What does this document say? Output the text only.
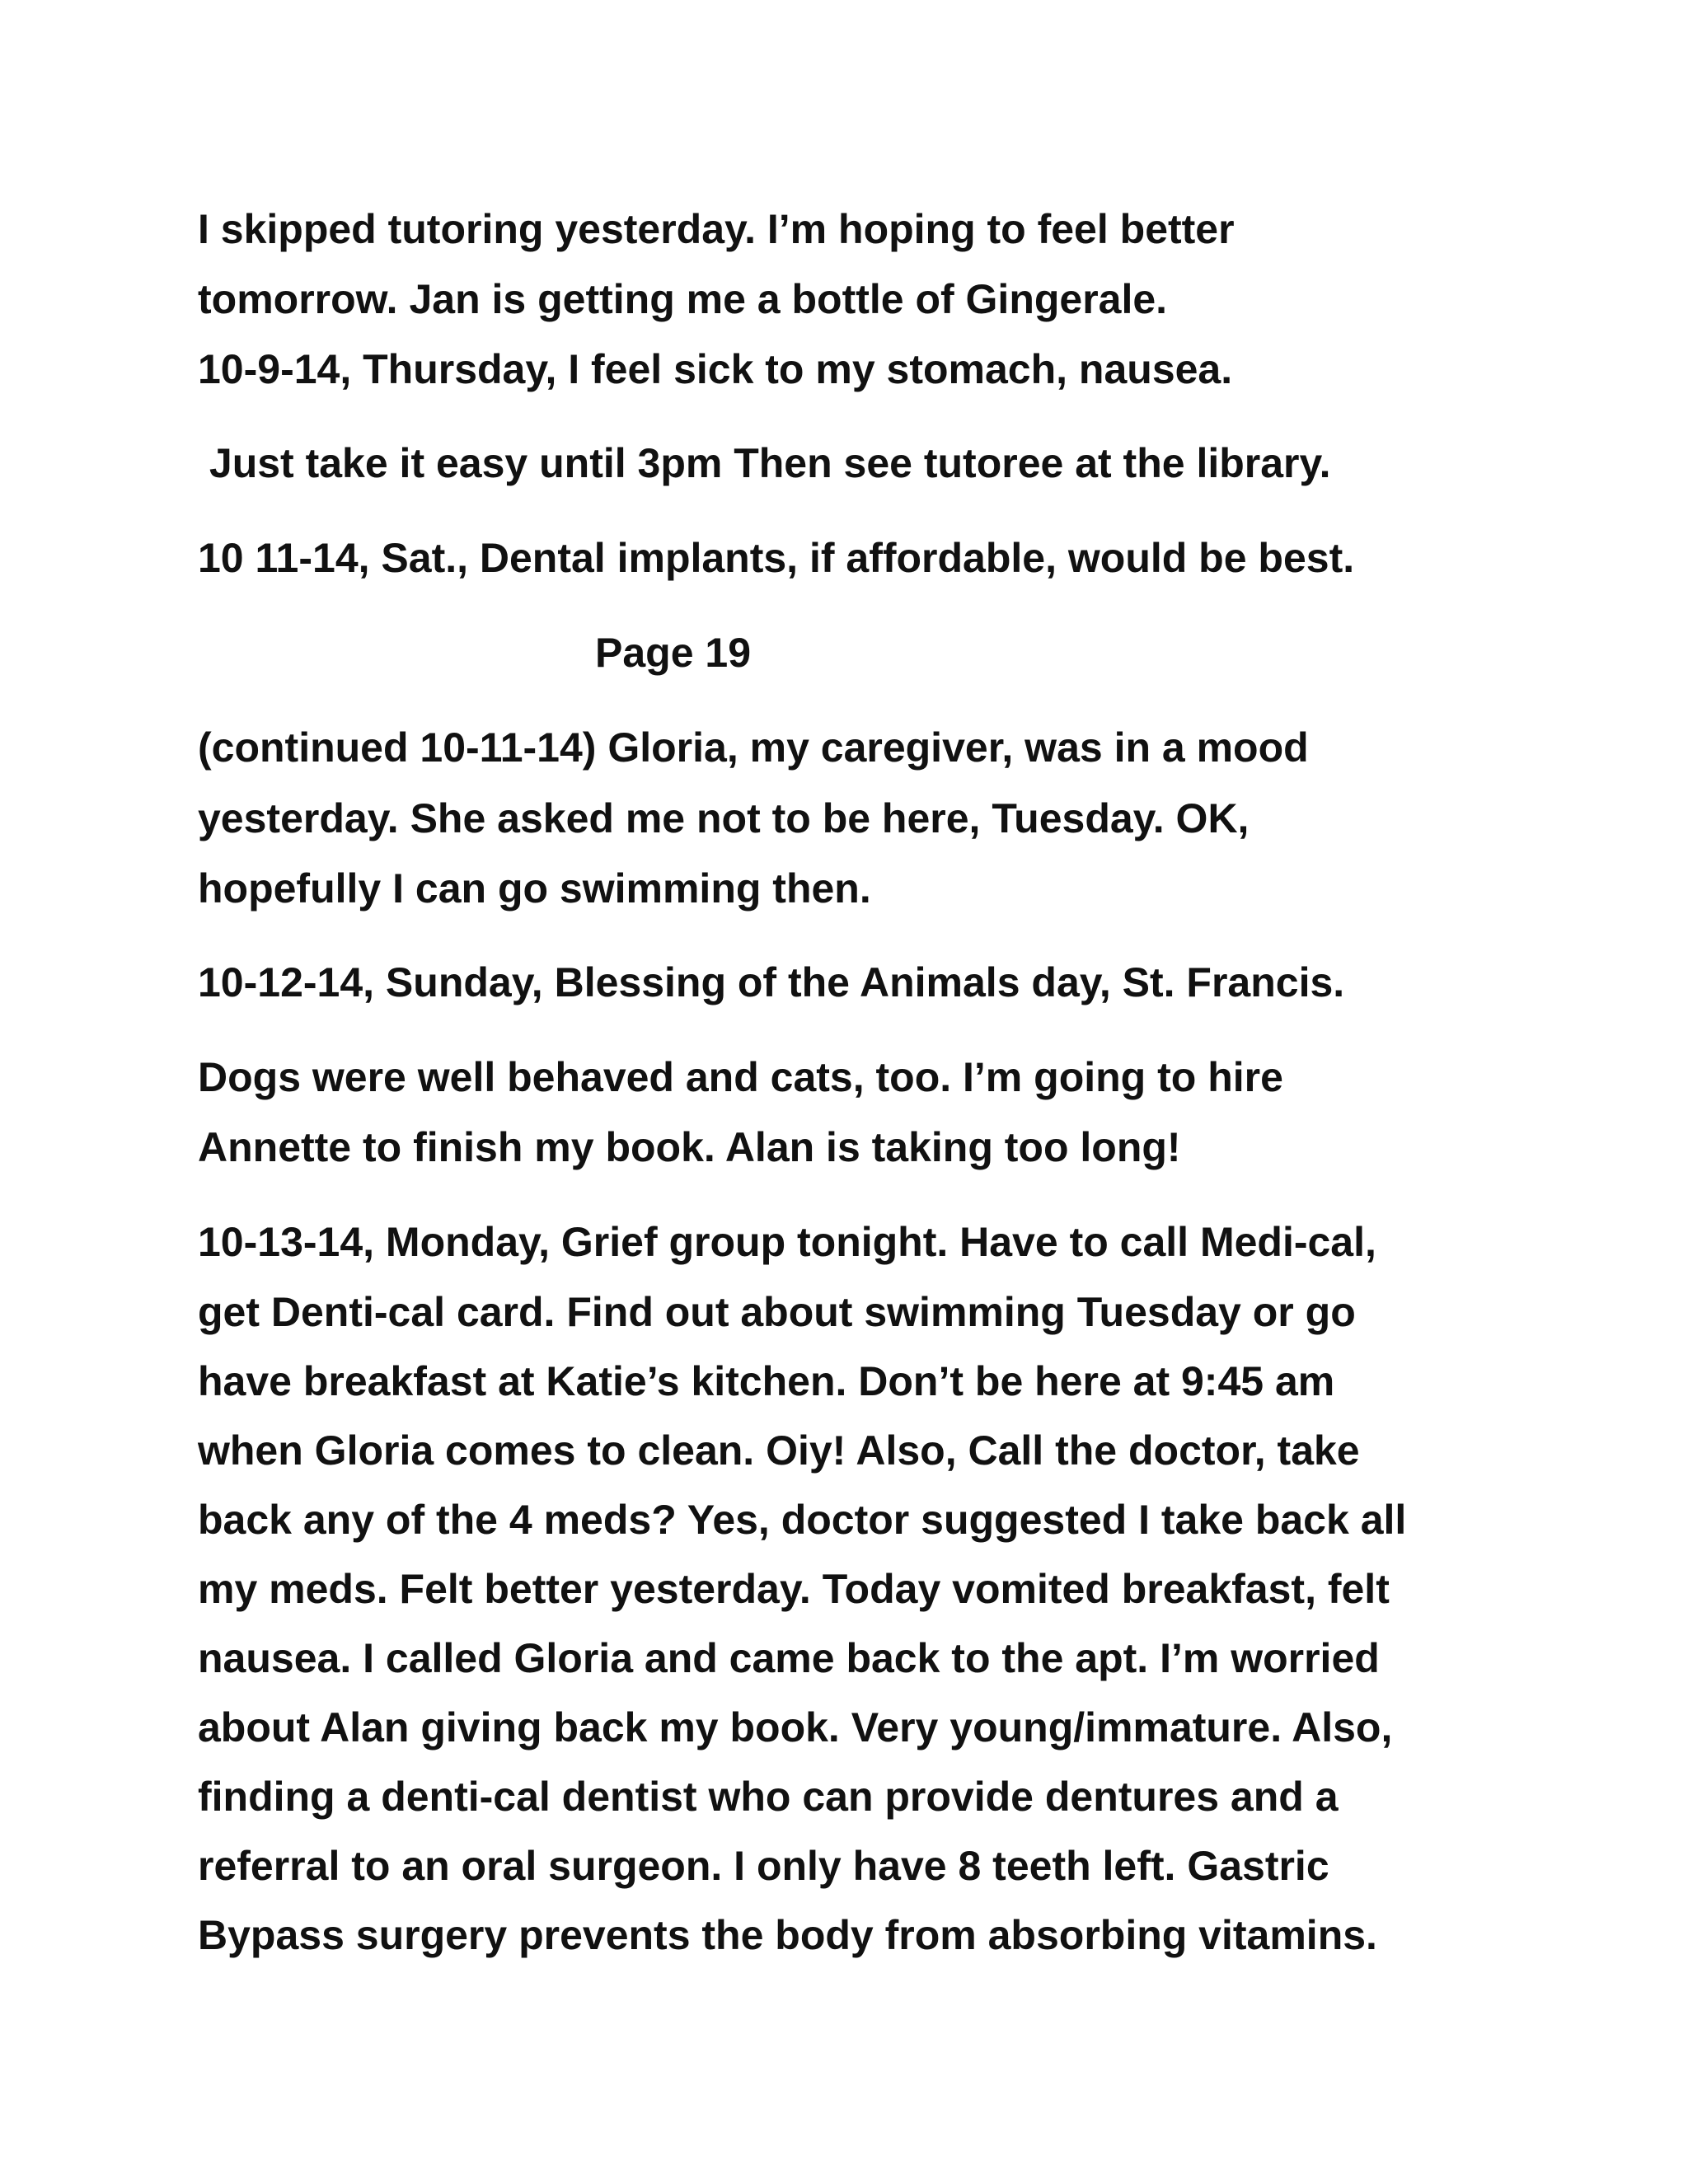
I skipped tutoring yesterday. I’m hoping to feel better

tomorrow. Jan is getting me a bottle of Gingerale.

10-9-14, Thursday, I feel sick to my stomach, nausea.

Just take it easy until 3pm Then see tutoree at the library.

10 11-14, Sat., Dental implants, if affordable, would be best.

Page 19

(continued 10-11-14) Gloria, my caregiver, was in a mood

yesterday. She asked me not to be here, Tuesday. OK,

hopefully I can go swimming then.

10-12-14, Sunday, Blessing of the Animals day, St. Francis.

Dogs were well behaved and cats, too. I’m going to hire

Annette to finish my book. Alan is taking too long!

10-13-14, Monday, Grief group tonight. Have to call Medi-cal,

get Denti-cal card. Find out about swimming Tuesday or go

have breakfast at Katie’s kitchen. Don’t be here at 9:45 am

when Gloria comes to clean. Oiy! Also, Call the doctor, take

back any of the 4 meds? Yes, doctor suggested I take back all

my meds. Felt better yesterday. Today vomited breakfast, felt

nausea. I called Gloria and came back to the apt. I’m worried

about Alan giving back my book. Very young/immature. Also,

finding a denti-cal dentist who can provide dentures and a

referral to an oral surgeon. I only have 8 teeth left. Gastric

Bypass surgery prevents the body from absorbing vitamins.
